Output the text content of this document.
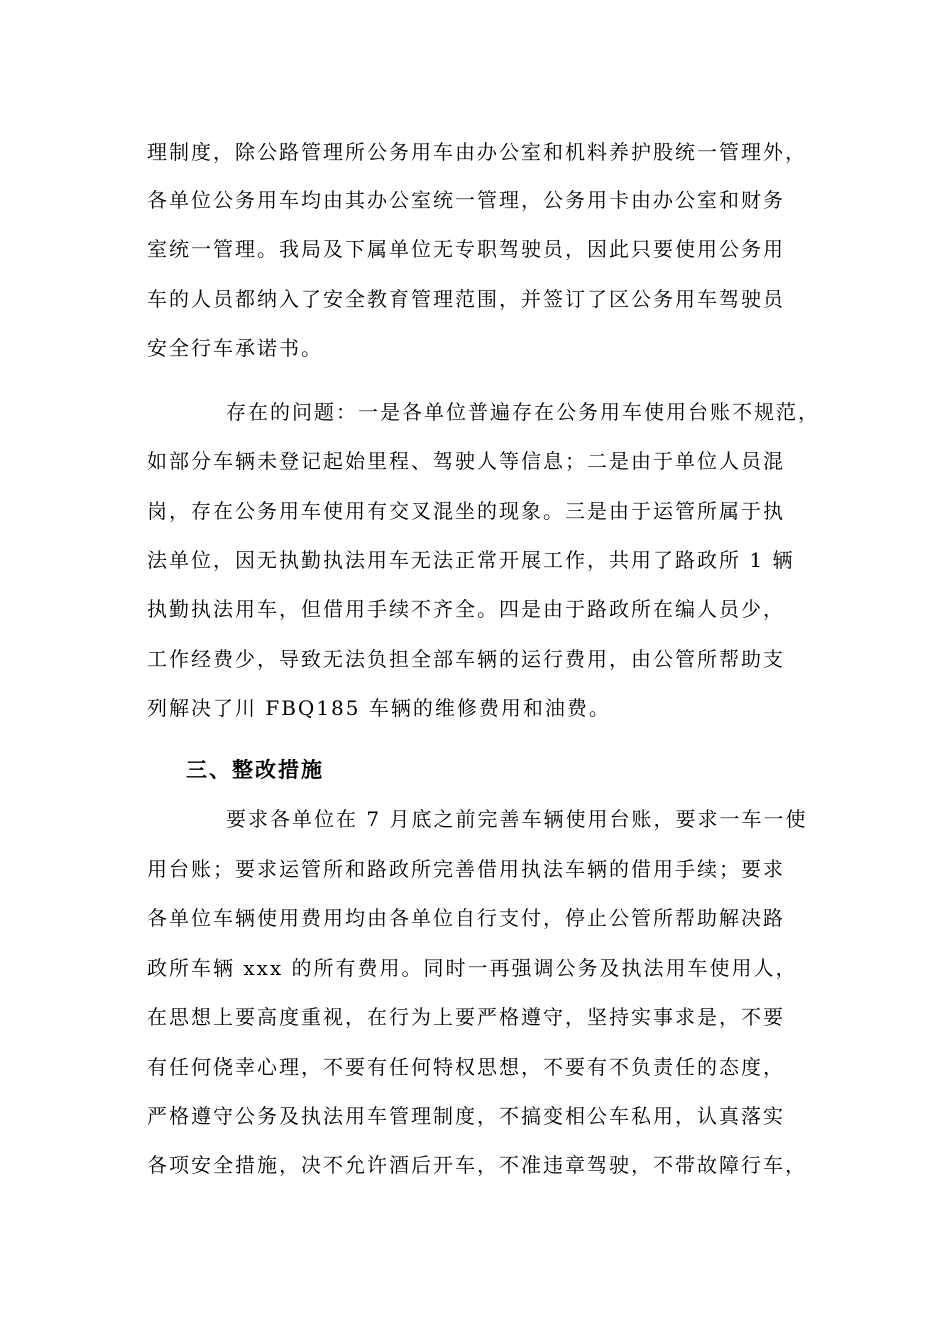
理制度，除公路管理所公务用车由办公室和机料养护股统一管理外，
各单位公务用车均由其办公室统一管理，公务用卡由办公室和财务
室统一管理。我局及下属单位无专职驾驶员，因此只要使用公务用
车的人员都纳入了安全教育管理范围，并签订了区公务用车驾驶员
安全行车承诺书。
存在的问题：一是各单位普遍存在公务用车使用台账不规范，
如部分车辆未登记起始里程、驾驶人等信息；二是由于单位人员混
岗，存在公务用车使用有交叉混坐的现象。三是由于运管所属于执
法单位，因无执勤执法用车无法正常开展工作，共用了路政所 1 辆
执勤执法用车，但借用手续不齐全。四是由于路政所在编人员少，
工作经费少，导致无法负担全部车辆的运行费用，由公管所帮助支
列解决了川 FBQ185 车辆的维修费用和油费。
三、整改措施
要求各单位在 7 月底之前完善车辆使用台账，要求一车一使
用台账；要求运管所和路政所完善借用执法车辆的借用手续；要求
各单位车辆使用费用均由各单位自行支付，停止公管所帮助解决路
政所车辆 xxx 的所有费用。同时一再强调公务及执法用车使用人，
在思想上要高度重视，在行为上要严格遵守，坚持实事求是，不要
有任何侥幸心理，不要有任何特权思想，不要有不负责任的态度，
严格遵守公务及执法用车管理制度，不搞变相公车私用，认真落实
各项安全措施，决不允许酒后开车，不准违章驾驶，不带故障行车，
